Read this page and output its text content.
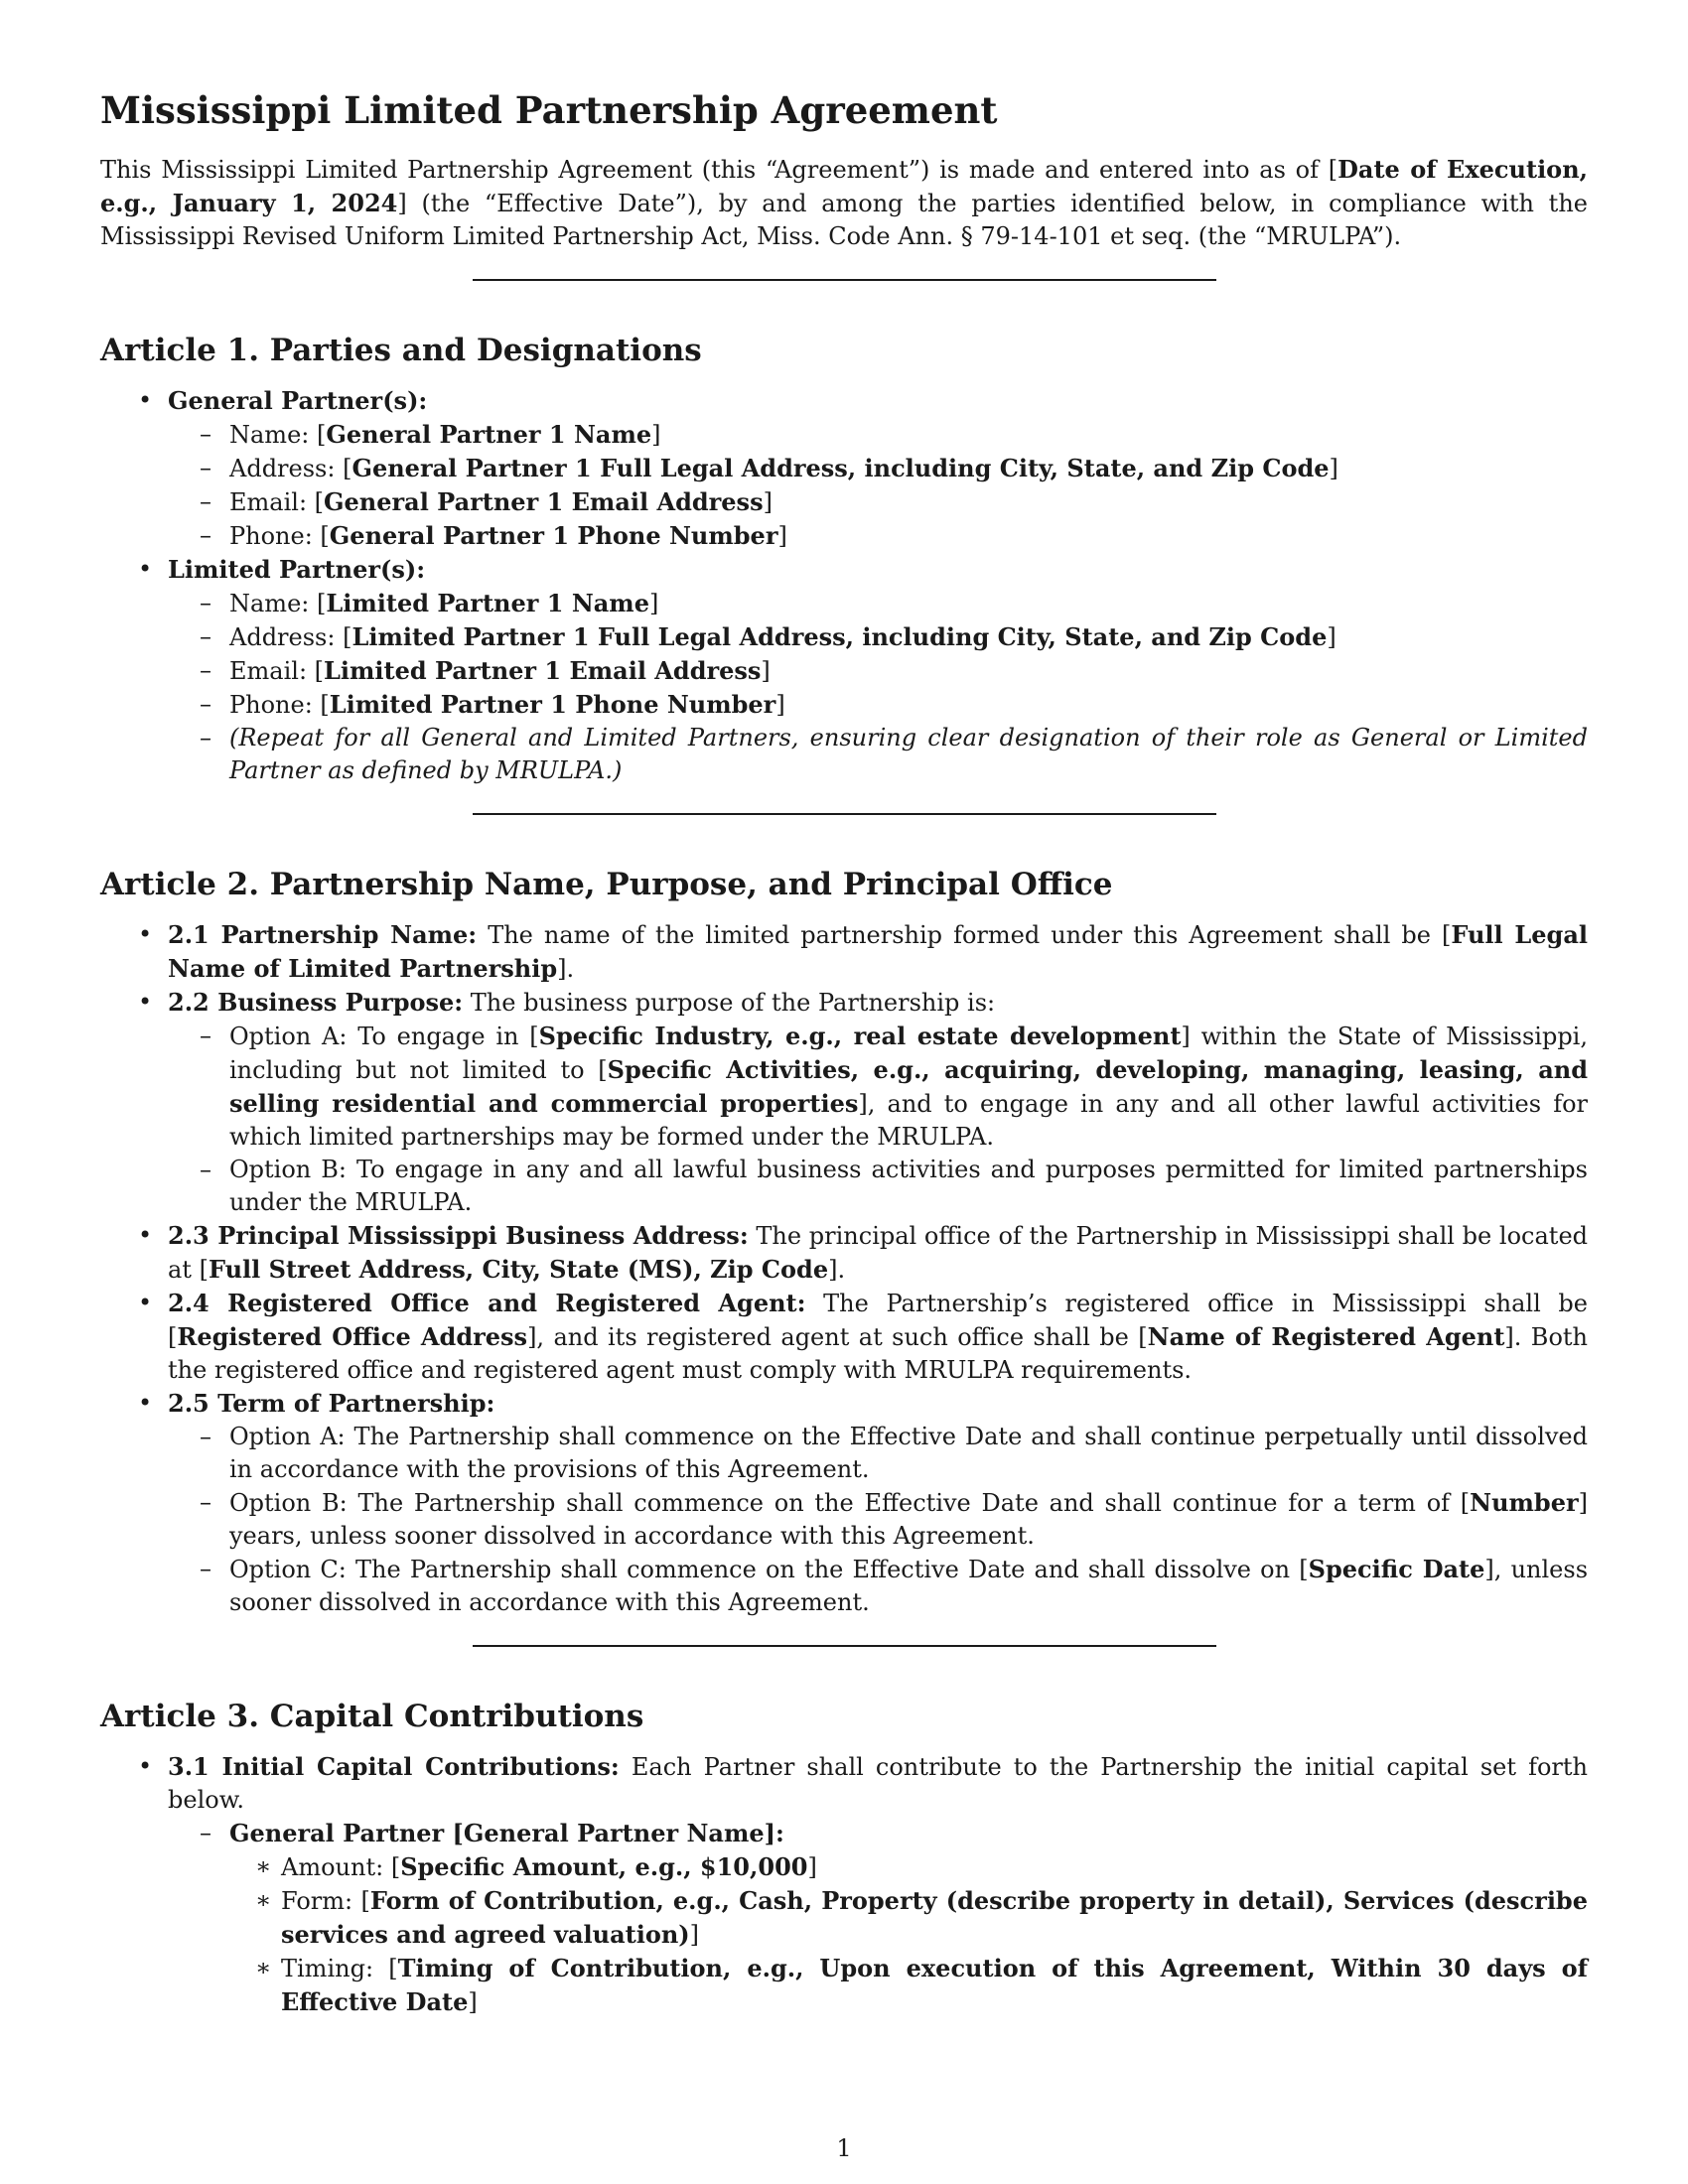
Mississippi Limited Partnership Agreement

This Mississippi Limited Partnership Agreement (this “Agreement”) is made and entered into as of [Date of Execution, e.g., January 1, 2024] (the “Effective Date”), by and among the parties identified below, in compliance with the Mississippi Revised Uniform Limited Partnership Act, Miss. Code Ann. § 79-14-101 et seq. (the “MRULPA”).

Article 1. Parties and Designations
• General Partner(s):
– Name: [General Partner 1 Name]
– Address: [General Partner 1 Full Legal Address, including City, State, and Zip Code]
– Email: [General Partner 1 Email Address]
– Phone: [General Partner 1 Phone Number]
• Limited Partner(s):
– Name: [Limited Partner 1 Name]
– Address: [Limited Partner 1 Full Legal Address, including City, State, and Zip Code]
– Email: [Limited Partner 1 Email Address]
– Phone: [Limited Partner 1 Phone Number]
– (Repeat for all General and Limited Partners, ensuring clear designation of their role as General or Limited Partner as defined by MRULPA.)
Article 2. Partnership Name, Purpose, and Principal Office
• 2.1 Partnership Name: The name of the limited partnership formed under this Agreement shall be [Full Legal Name of Limited Partnership].
• 2.2 Business Purpose: The business purpose of the Partnership is:
– Option A: To engage in [Specific Industry, e.g., real estate development] within the State of Mississippi, including but not limited to [Specific Activities, e.g., acquiring, developing, managing, leasing, and selling residential and commercial properties], and to engage in any and all other lawful activities for which limited partnerships may be formed under the MRULPA.
– Option B: To engage in any and all lawful business activities and purposes permitted for limited partnerships under the MRULPA.
• 2.3 Principal Mississippi Business Address: The principal office of the Partnership in Mississippi shall be located at [Full Street Address, City, State (MS), Zip Code].
• 2.4 Registered Office and Registered Agent: The Partnership’s registered office in Mississippi shall be [Registered Office Address], and its registered agent at such office shall be [Name of Registered Agent]. Both the registered office and registered agent must comply with MRULPA requirements.
• 2.5 Term of Partnership:
– Option A: The Partnership shall commence on the Effective Date and shall continue perpetually until dissolved in accordance with the provisions of this Agreement.
– Option B: The Partnership shall commence on the Effective Date and shall continue for a term of [Number] years, unless sooner dissolved in accordance with this Agreement.
– Option C: The Partnership shall commence on the Effective Date and shall dissolve on [Specific Date], unless sooner dissolved in accordance with this Agreement.
Article 3. Capital Contributions
• 3.1 Initial Capital Contributions: Each Partner shall contribute to the Partnership the initial capital set forth below.
– General Partner [General Partner Name]:
∗ Amount: [Specific Amount, e.g., $10,000]
∗ Form: [Form of Contribution, e.g., Cash, Property (describe property in detail), Services (describe services and agreed valuation)]
∗ Timing: [Timing of Contribution, e.g., Upon execution of this Agreement, Within 30 days of Effective Date]
1
